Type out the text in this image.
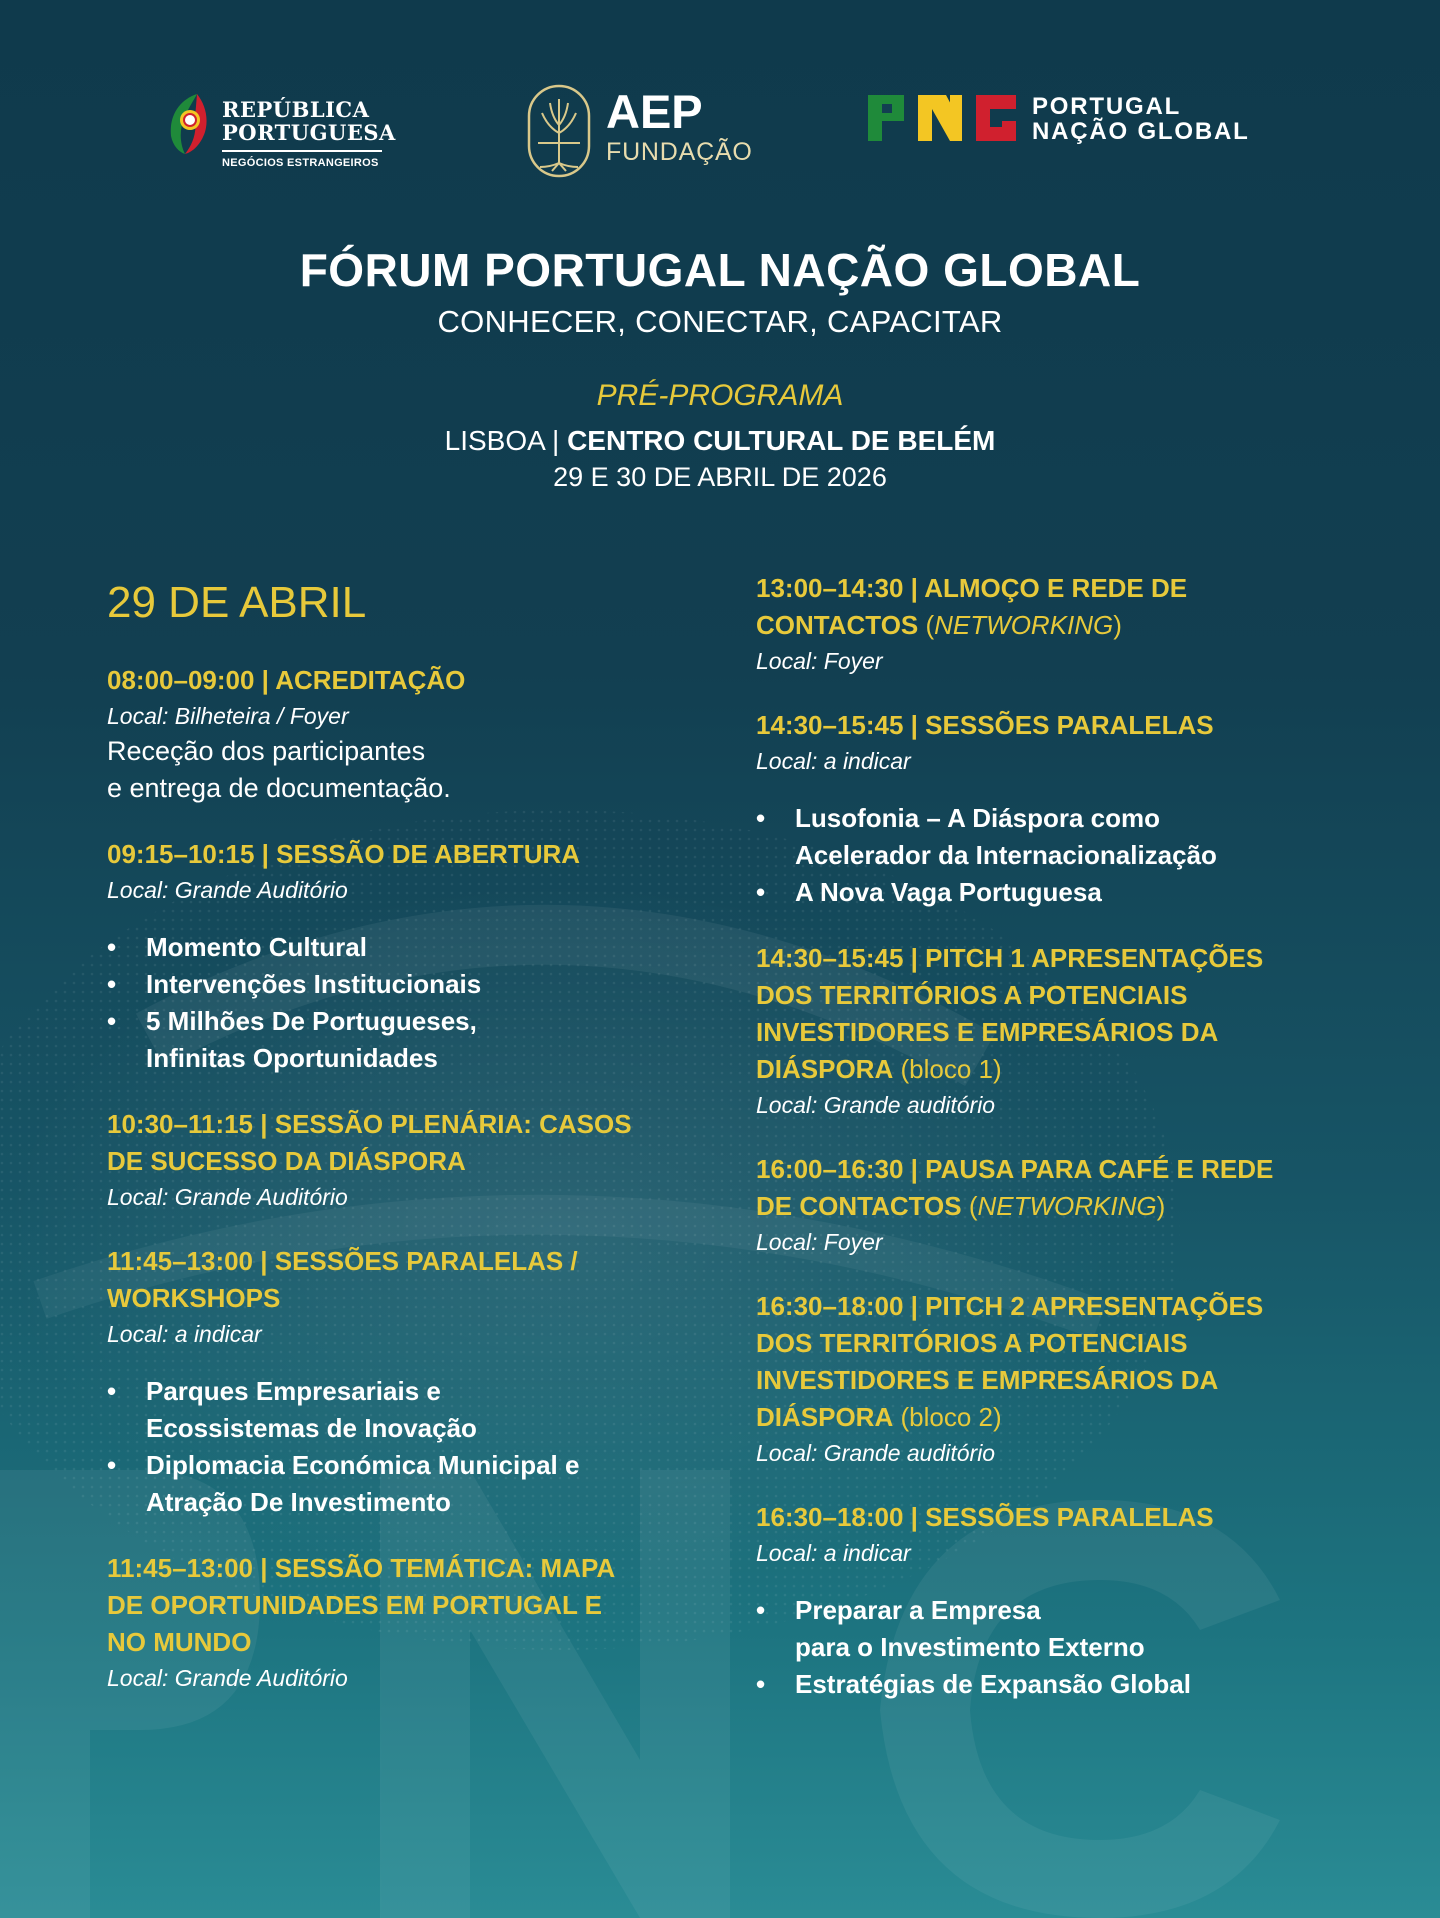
REPÚBLICA
PORTUGUESA
NEGÓCIOS ESTRANGEIROS
AEP
FUNDAÇÃO
PORTUGAL
NAÇÃO GLOBAL
FÓRUM PORTUGAL NAÇÃO GLOBAL
CONHECER, CONECTAR, CAPACITAR
PRÉ-PROGRAMA
LISBOA | CENTRO CULTURAL DE BELÉM
29 E 30 DE ABRIL DE 2026
29 DE ABRIL
08:00–09:00 | ACREDITAÇÃO
Local: Bilheteira / Foyer
Receção dos participantes
e entrega de documentação.
09:15–10:15 | SESSÃO DE ABERTURA
Local: Grande Auditório
• Momento Cultural
• Intervenções Institucionais
• 5 Milhões De Portugueses,
Infinitas Oportunidades
10:30–11:15 | SESSÃO PLENÁRIA: CASOS
DE SUCESSO DA DIÁSPORA
Local: Grande Auditório
11:45–13:00 | SESSÕES PARALELAS /
WORKSHOPS
Local: a indicar
• Parques Empresariais e
Ecossistemas de Inovação
• Diplomacia Económica Municipal e
Atração De Investimento
11:45–13:00 | SESSÃO TEMÁTICA: MAPA
DE OPORTUNIDADES EM PORTUGAL E
NO MUNDO
Local: Grande Auditório
13:00–14:30 | ALMOÇO E REDE DE
CONTACTOS (NETWORKING)
Local: Foyer
14:30–15:45 | SESSÕES PARALELAS
Local: a indicar
• Lusofonia – A Diáspora como
Acelerador da Internacionalização
• A Nova Vaga Portuguesa
14:30–15:45 | PITCH 1 APRESENTAÇÕES
DOS TERRITÓRIOS A POTENCIAIS
INVESTIDORES E EMPRESÁRIOS DA
DIÁSPORA (bloco 1)
Local: Grande auditório
16:00–16:30 | PAUSA PARA CAFÉ E REDE
DE CONTACTOS (NETWORKING)
Local: Foyer
16:30–18:00 | PITCH 2 APRESENTAÇÕES
DOS TERRITÓRIOS A POTENCIAIS
INVESTIDORES E EMPRESÁRIOS DA
DIÁSPORA (bloco 2)
Local: Grande auditório
16:30–18:00 | SESSÕES PARALELAS
Local: a indicar
• Preparar a Empresa
para o Investimento Externo
• Estratégias de Expansão Global
